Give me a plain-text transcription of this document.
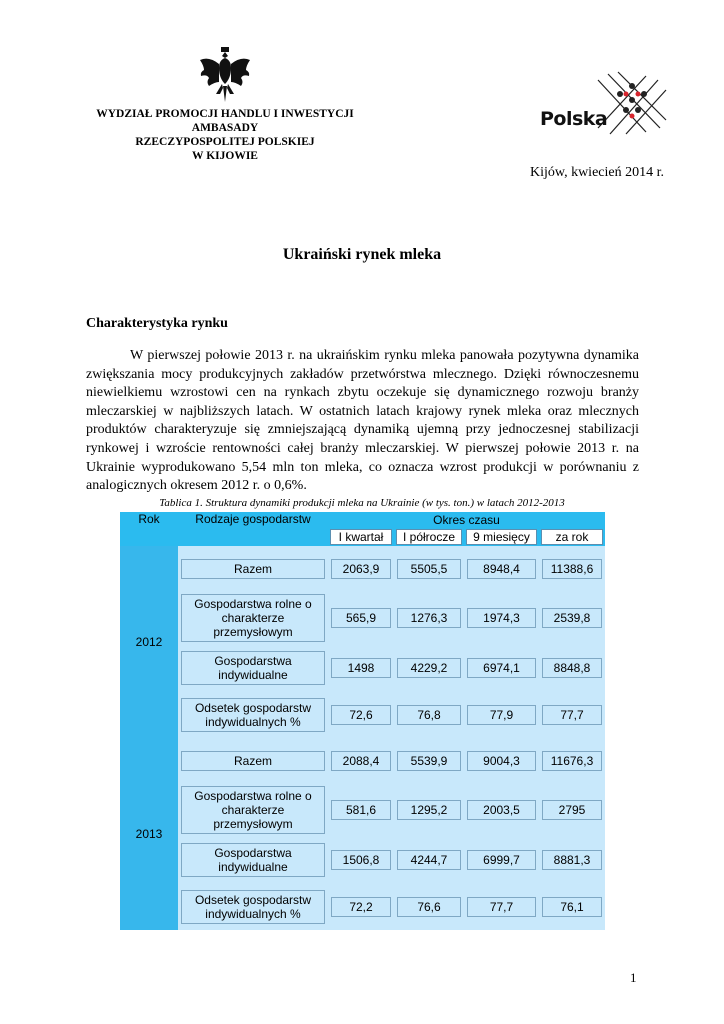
WYDZIAŁ PROMOCJI HANDLU I INWESTYCJI
AMBASADY
RZECZYPOSPOLITEJ POLSKIEJ
W KIJOWIE
Polska
Kijów, kwiecień 2014 r.
Ukraiński rynek mleka
Charakterystyka rynku

W pierwszej połowie 2013 r. na ukraińskim rynku mleka panowała pozytywna dynamika zwiększania mocy produkcyjnych zakładów przetwórstwa mlecznego. Dzięki równoczesnemu niewielkiemu wzrostowi cen na rynkach zbytu oczekuje się dynamicznego rozwoju branży mleczarskiej w najbliższych latach. W ostatnich latach krajowy rynek mleka oraz mlecznych produktów charakteryzuje się zmniejszającą dynamiką ujemną przy jednoczesnej stabilizacji rynkowej i wzroście rentowności całej branży mleczarskiej. W pierwszej połowie 2013 r. na Ukrainie wyprodukowano 5,54 mln ton mleka, co oznacza wzrost produkcji w porównaniu z analogicznych okresem 2012 r. o 0,6%.

Tablica 1. Struktura dynamiki produkcji mleka na Ukrainie (w tys. ton.) w latach 2012-2013
Rok	Rodzaje gospodarstw	Okres czasu			

		I kwartał	I półrocze	9 miesięcy	za rok

2012	Razem	2063,9	5505,5	8948,4	11388,6

	Gospodarstwa rolne o charakterze przemysłowym	565,9	1276,3	1974,3	2539,8

	Gospodarstwa indywidualne	1498	4229,2	6974,1	8848,8

	Odsetek gospodarstw indywidualnych %	72,6	76,8	77,9	77,7

2013	Razem	2088,4	5539,9	9004,3	11676,3

	Gospodarstwa rolne o charakterze przemysłowym	581,6	1295,2	2003,5	2795

	Gospodarstwa indywidualne	1506,8	4244,7	6999,7	8881,3

	Odsetek gospodarstw indywidualnych %	72,2	76,6	77,7	76,1
1
